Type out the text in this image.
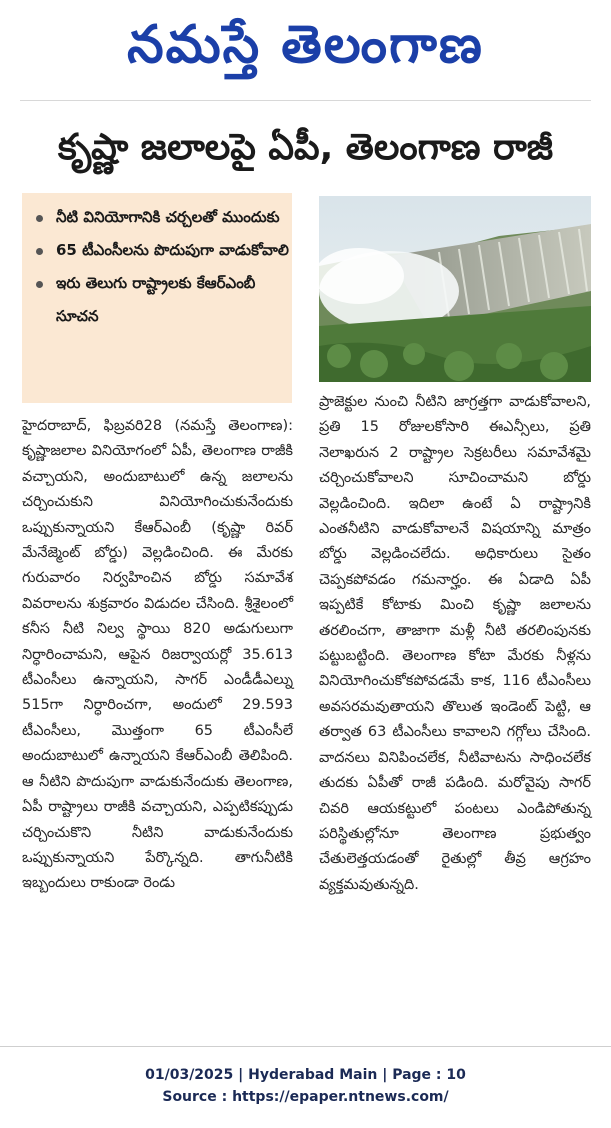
నమస్తే తెలంగాణ
కృష్ణా జలాలపై ఏపీ, తెలంగాణ రాజీ
నీటి వినియోగానికి చర్చలతో ముందుకు
65 టీఎంసీలను పొదుపుగా వాడుకోవాలి
ఇరు తెలుగు రాష్ట్రాలకు కేఆర్ఎంబీ సూచన
హైదరాబాద్, ఫిబ్రవరి28 (నమస్తే తెలంగాణ): కృష్ణాజలాల వినియోగంలో ఏపీ, తెలంగాణ రాజీకి వచ్చాయని, అందుబాటులో ఉన్న జలాలను చర్చించుకుని వినియోగించుకునేందుకు ఒప్పుకున్నాయని కేఆర్ఎంబీ (కృష్ణా రివర్ మేనేజ్మెంట్ బోర్డు) వెల్లడించింది. ఈ మేరకు గురువారం నిర్వహించిన బోర్డు సమావేశ వివరాలను శుక్రవారం విడుదల చేసింది. శ్రీశైలంలో కనీస నీటి నిల్వ స్థాయి 820 అడుగులుగా నిర్ధారించామని, ఆపైన రిజర్వాయర్లో 35.613 టీఎంసీలు ఉన్నాయని, సాగర్ ఎండీడీఎల్ను 515గా నిర్ధారించగా, అందులో 29.593 టీఎంసీలు, మొత్తంగా 65 టీఎంసీలే అందుబాటులో ఉన్నాయని కేఆర్ఎంబీ తెలిపింది. ఆ నీటిని పొదుపుగా వాడుకునేందుకు తెలంగాణ, ఏపీ రాష్ట్రాలు రాజీకి వచ్చాయని, ఎప్పటికప్పుడు చర్చించుకొని నీటిని వాడుకునేందుకు ఒప్పుకున్నాయని పేర్కొన్నది. తాగునీటికి ఇబ్బందులు రాకుండా రెండు
ప్రాజెక్టుల నుంచి నీటిని జాగ్రత్తగా వాడుకోవాలని, ప్రతి 15 రోజులకోసారి ఈఎన్సీలు, ప్రతి నెలాఖరున 2 రాష్ట్రాల సెక్రటరీలు సమావేశమై చర్చించుకోవాలని సూచించామని బోర్డు వెల్లడించింది. ఇదిలా ఉంటే ఏ రాష్ట్రానికి ఎంతనీటిని వాడుకోవాలనే విషయాన్ని మాత్రం బోర్డు వెల్లడించలేదు. అధికారులు సైతం చెప్పకపోవడం గమనార్హం. ఈ ఏడాది ఏపీ ఇప్పటికే కోటాకు మించి కృష్ణా జలాలను తరలించగా, తాజాగా మళ్లీ నీటి తరలింపునకు పట్టుబట్టింది. తెలంగాణ కోటా మేరకు నీళ్లను వినియోగించుకోకపోవడమే కాక, 116 టీఎంసీలు అవసరమవుతాయని తొలుత ఇండెంట్ పెట్టి, ఆ తర్వాత 63 టీఎంసీలు కావాలని గగ్గోలు చేసింది. వాదనలు వినిపించలేక, నీటివాటను సాధించలేక తుదకు ఏపీతో రాజీ పడింది. మరోవైపు సాగర్ చివరి ఆయకట్టులో పంటలు ఎండిపోతున్న పరిస్థితుల్లోనూ తెలంగాణ ప్రభుత్వం చేతులెత్తయడంతో రైతుల్లో తీవ్ర ఆగ్రహం వ్యక్తమవుతున్నది.
01/03/2025 | Hyderabad Main | Page : 10
Source : https://epaper.ntnews.com/
